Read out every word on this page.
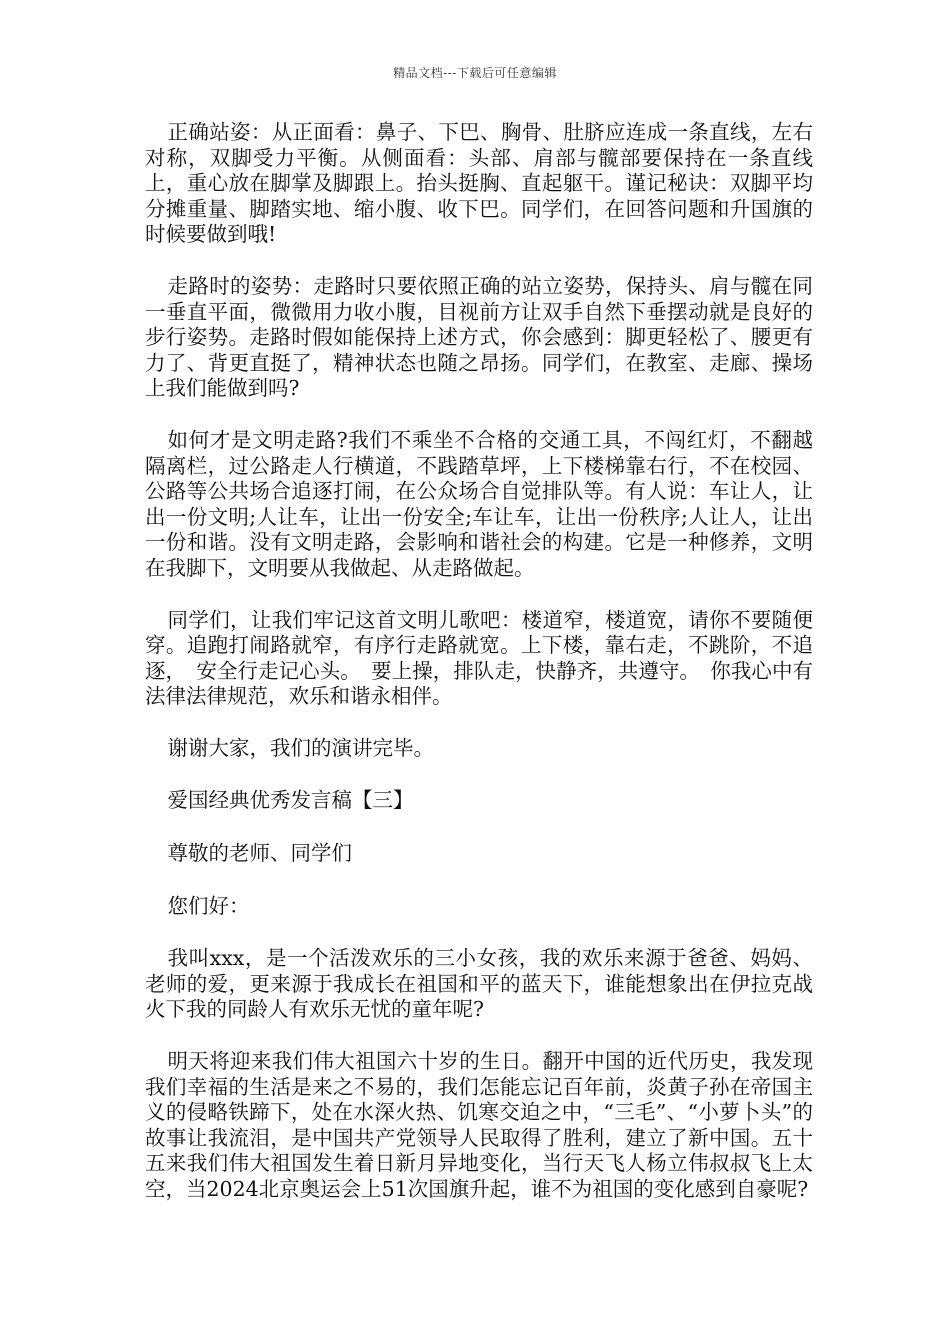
精品文档---下载后可任意编辑

正确站姿：从正面看：鼻子、下巴、胸骨、肚脐应连成一条直线，左右对称，双脚受力平衡。从侧面看：头部、肩部与髋部要保持在一条直线上，重心放在脚掌及脚跟上。抬头挺胸、直起躯干。谨记秘诀：双脚平均分摊重量、脚踏实地、缩小腹、收下巴。同学们，在回答问题和升国旗的时候要做到哦!

走路时的姿势：走路时只要依照正确的站立姿势，保持头、肩与髋在同一垂直平面，微微用力收小腹，目视前方让双手自然下垂摆动就是良好的步行姿势。走路时假如能保持上述方式，你会感到：脚更轻松了、腰更有力了、背更直挺了，精神状态也随之昂扬。同学们，在教室、走廊、操场上我们能做到吗?

如何才是文明走路?我们不乘坐不合格的交通工具，不闯红灯，不翻越隔离栏，过公路走人行横道，不践踏草坪，上下楼梯靠右行，不在校园、公路等公共场合追逐打闹，在公众场合自觉排队等。有人说：车让人，让出一份文明;人让车，让出一份安全;车让车，让出一份秩序;人让人，让出一份和谐。没有文明走路，会影响和谐社会的构建。它是一种修养，文明在我脚下，文明要从我做起、从走路做起。

同学们，让我们牢记这首文明儿歌吧：楼道窄，楼道宽，请你不要随便穿。追跑打闹路就窄，有序行走路就宽。上下楼，靠右走，不跳阶，不追逐，　安全行走记心头。　要上操，排队走，快静齐，共遵守。　你我心中有法律法律规范，欢乐和谐永相伴。

谢谢大家，我们的演讲完毕。

爱国经典优秀发言稿【三】

尊敬的老师、同学们

您们好：

我叫xxx，是一个活泼欢乐的三小女孩，我的欢乐来源于爸爸、妈妈、老师的爱，更来源于我成长在祖国和平的蓝天下，谁能想象出在伊拉克战火下我的同龄人有欢乐无忧的童年呢?

明天将迎来我们伟大祖国六十岁的生日。翻开中国的近代历史，我发现我们幸福的生活是来之不易的，我们怎能忘记百年前，炎黄子孙在帝国主义的侵略铁蹄下，处在水深火热、饥寒交迫之中，“三毛”、“小萝卜头”的故事让我流泪，是中国共产党领导人民取得了胜利，建立了新中国。五十五来我们伟大祖国发生着日新月异地变化，当行天飞人杨立伟叔叔飞上太空，当2024北京奥运会上51次国旗升起，谁不为祖国的变化感到自豪呢?
